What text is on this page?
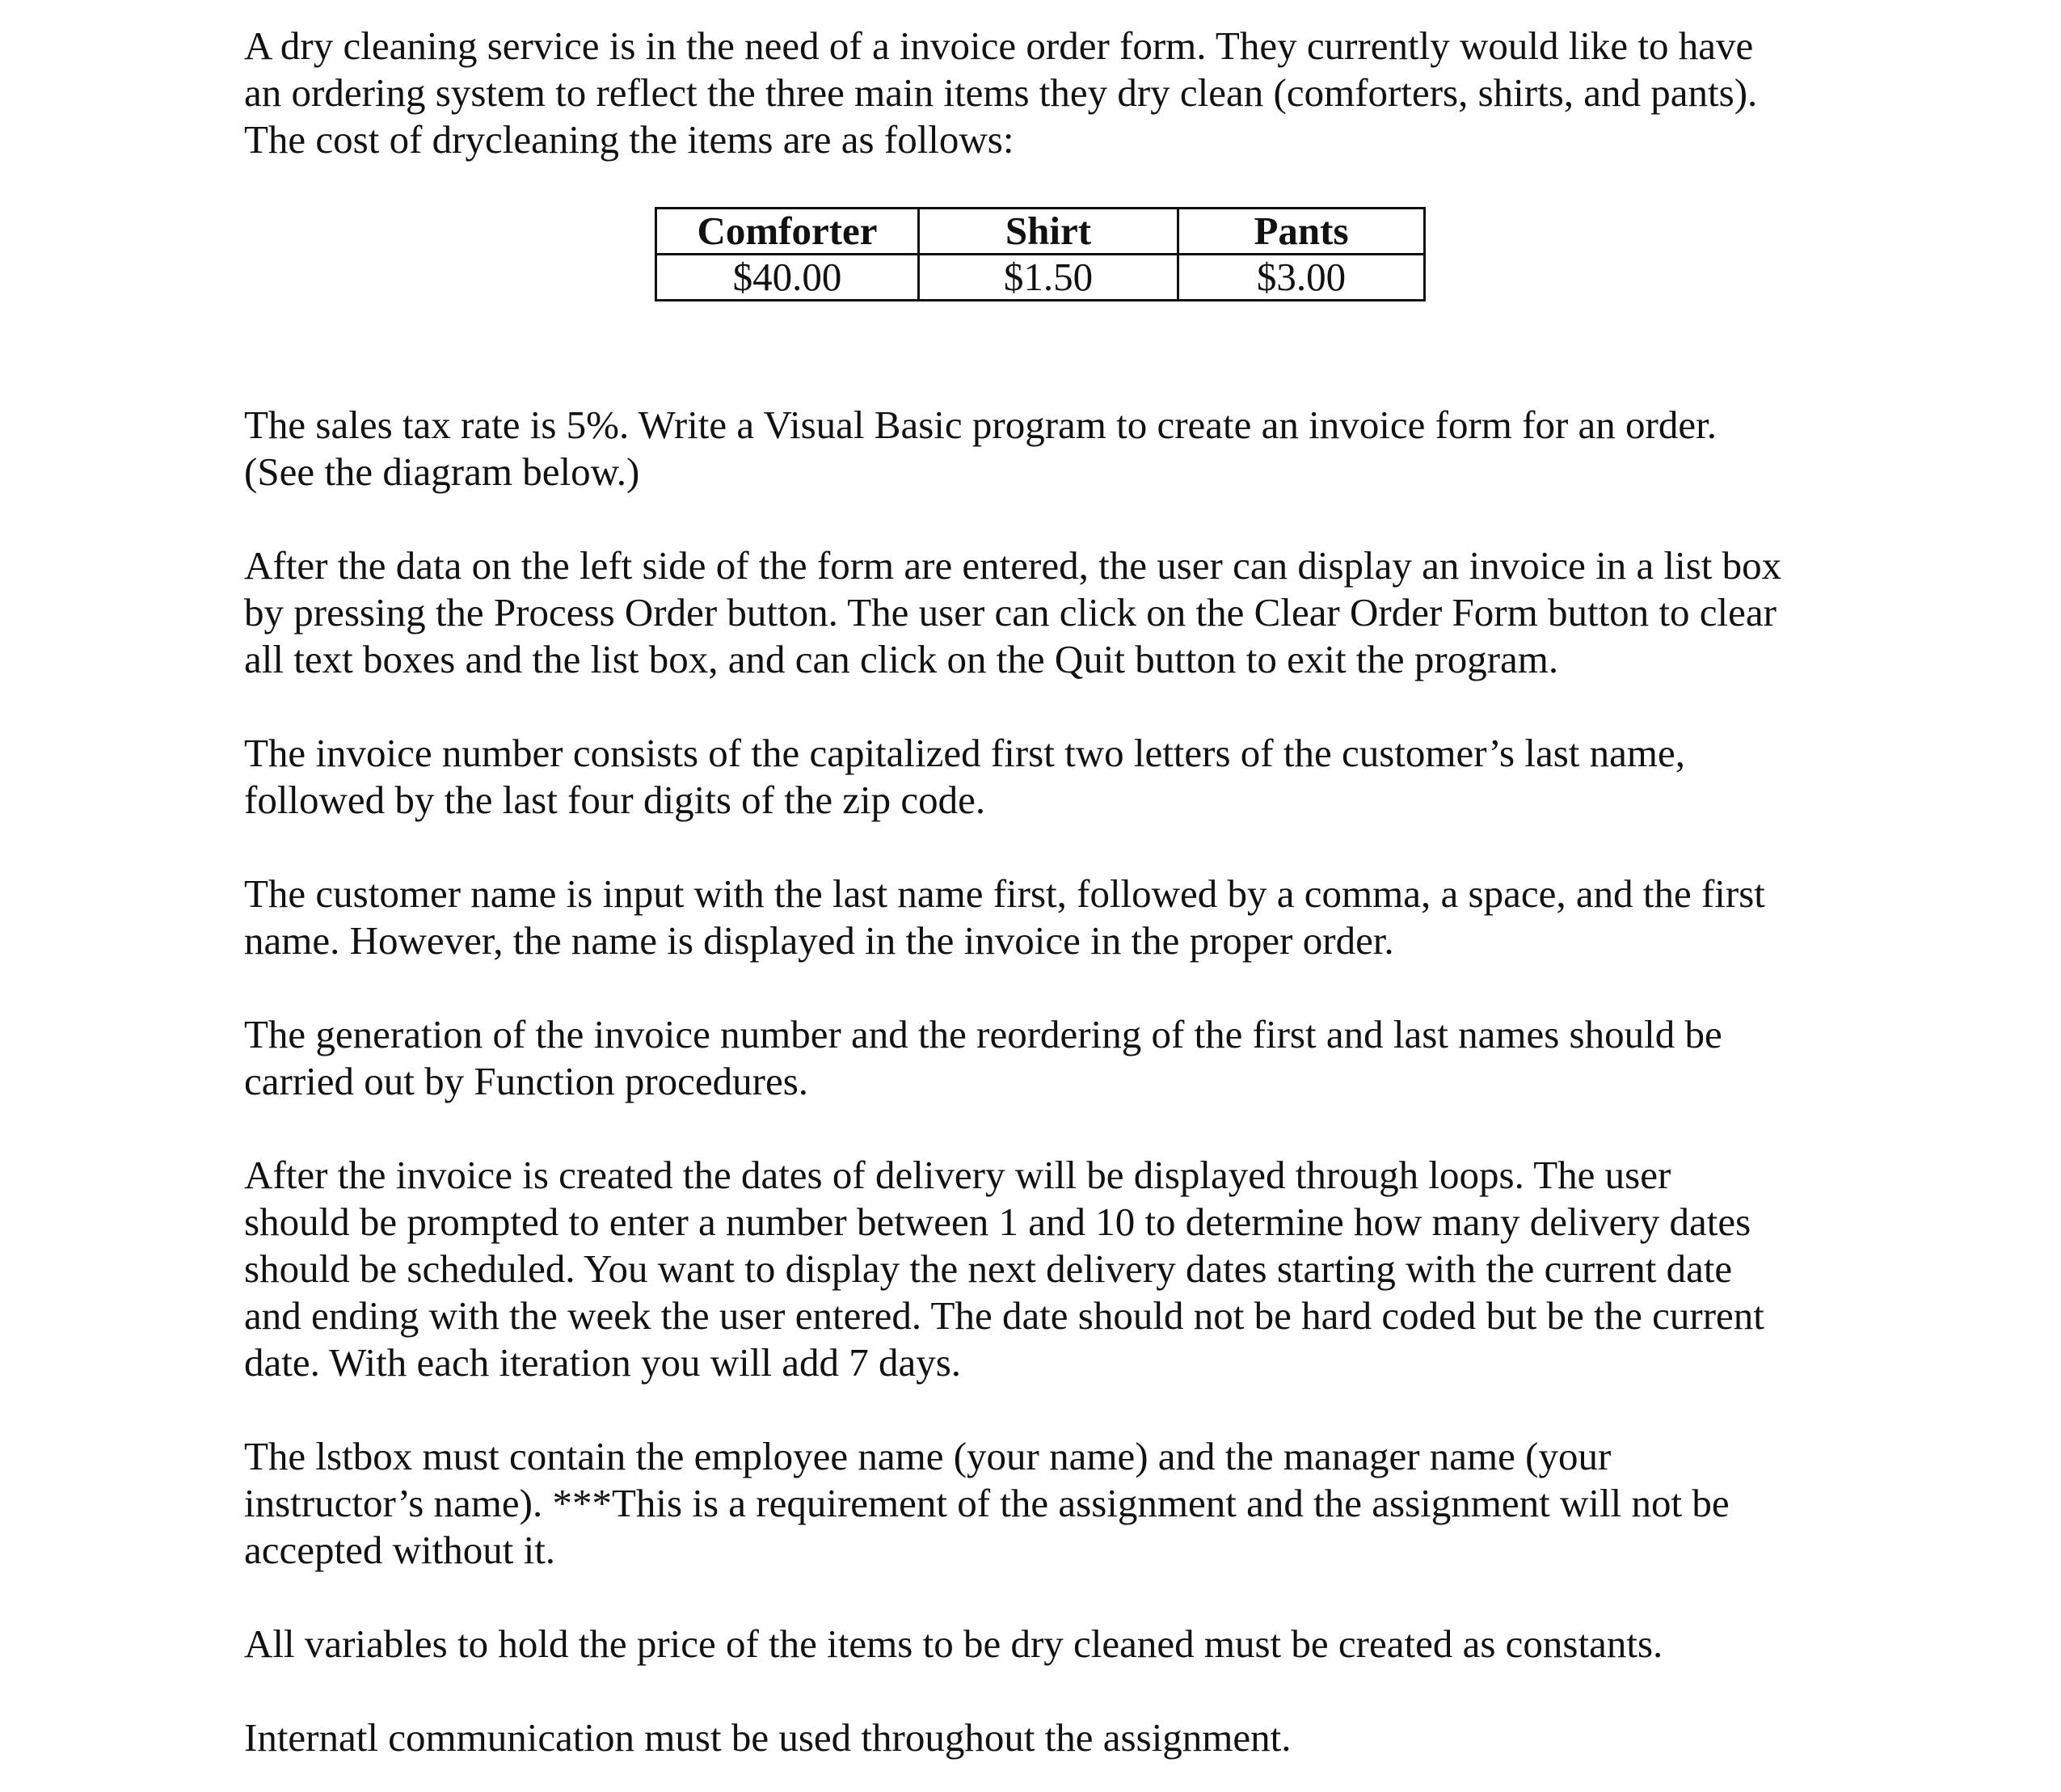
A dry cleaning service is in the need of a invoice order form. They currently would like to have
an ordering system to reflect the three main items they dry clean (comforters, shirts, and pants).
The cost of drycleaning the items are as follows:

Comforter	Shirt	Pants
$40.00	$1.50	$3.00

The sales tax rate is 5%. Write a Visual Basic program to create an invoice form for an order.
(See the diagram below.)

After the data on the left side of the form are entered, the user can display an invoice in a list box
by pressing the Process Order button. The user can click on the Clear Order Form button to clear
all text boxes and the list box, and can click on the Quit button to exit the program.

The invoice number consists of the capitalized first two letters of the customer’s last name,
followed by the last four digits of the zip code.

The customer name is input with the last name first, followed by a comma, a space, and the first
name. However, the name is displayed in the invoice in the proper order.

The generation of the invoice number and the reordering of the first and last names should be
carried out by Function procedures.

After the invoice is created the dates of delivery will be displayed through loops. The user
should be prompted to enter a number between 1 and 10 to determine how many delivery dates
should be scheduled. You want to display the next delivery dates starting with the current date
and ending with the week the user entered. The date should not be hard coded but be the current
date. With each iteration you will add 7 days.

The lstbox must contain the employee name (your name) and the manager name (your
instructor’s name). ***This is a requirement of the assignment and the assignment will not be
accepted without it.

All variables to hold the price of the items to be dry cleaned must be created as constants.

Internatl communication must be used throughout the assignment.
